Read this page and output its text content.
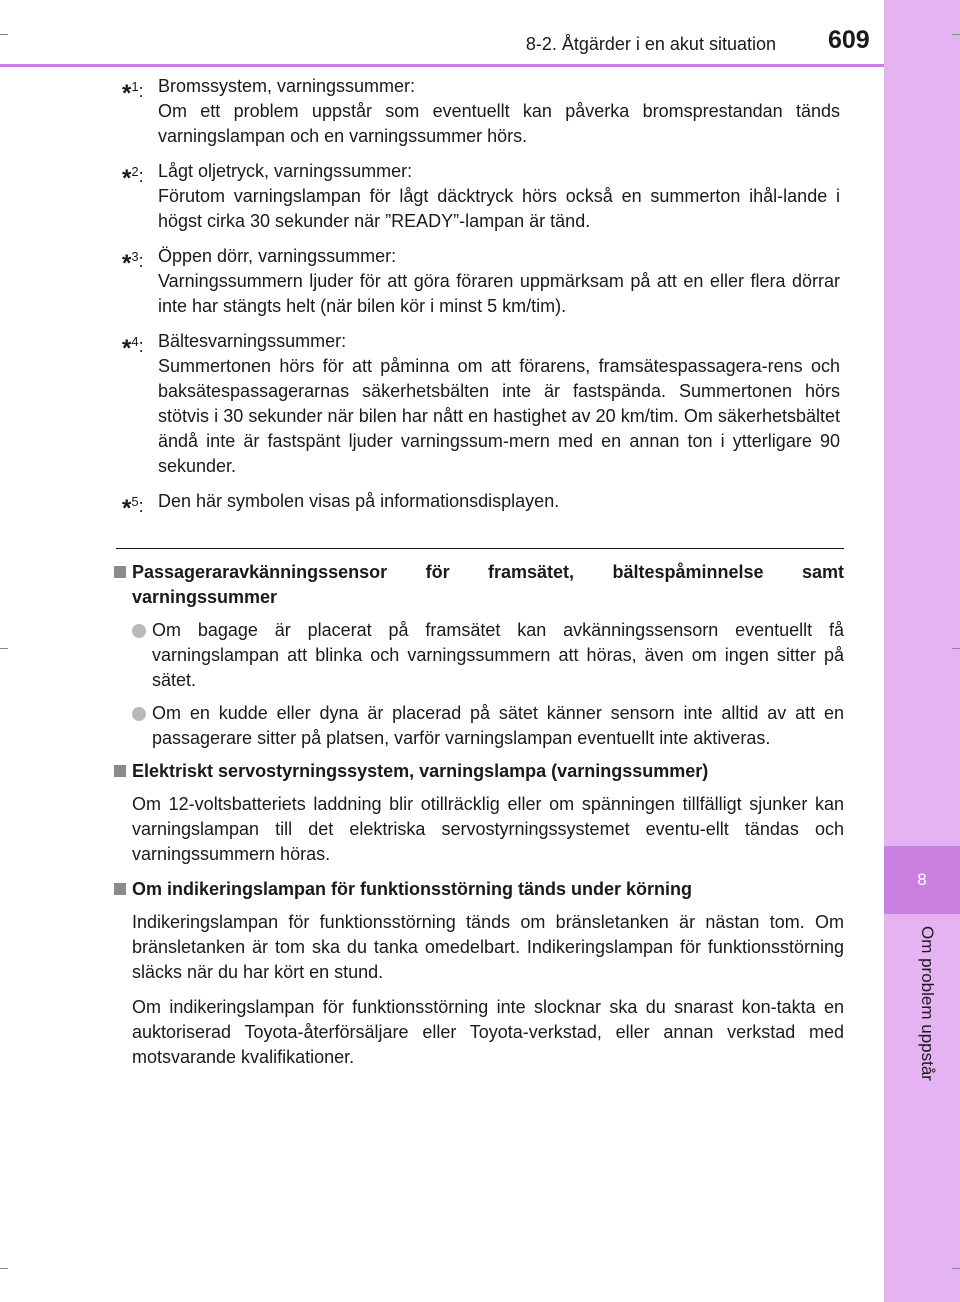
8
Om problem uppstår
8-2. Åtgärder i en akut situation 609
*$^1$: Bromssystem, varningssummer:
Om ett problem uppstår som eventuellt kan påverka bromsprestandan tänds varningslampan och en varningssummer hörs.
*$^2$: Lågt oljetryck, varningssummer:
Förutom varningslampan för lågt däcktryck hörs också en summerton ihål-lande i högst cirka 30 sekunder när ”READY”-lampan är tänd.
*$^3$: Öppen dörr, varningssummer:
Varningssummern ljuder för att göra föraren uppmärksam på att en eller flera dörrar inte har stängts helt (när bilen kör i minst 5 km/tim).
*$^4$: Bältesvarningssummer:
Summertonen hörs för att påminna om att förarens, framsätespassagera-rens och baksätespassagerarnas säkerhetsbälten inte är fastspända. Summertonen hörs stötvis i 30 sekunder när bilen har nått en hastighet av 20 km/tim. Om säkerhetsbältet ändå inte är fastspänt ljuder varningssum-mern med en annan ton i ytterligare 90 sekunder.
*$^5$: Den här symbolen visas på informationsdisplayen.
Passageraravkänningssensor för framsätet, bältespåminnelse samt varningssummer
Om bagage är placerat på framsätet kan avkänningssensorn eventuellt få varningslampan att blinka och varningssummern att höras, även om ingen sitter på sätet.
Om en kudde eller dyna är placerad på sätet känner sensorn inte alltid av att en passagerare sitter på platsen, varför varningslampan eventuellt inte aktiveras.
Elektriskt servostyrningssystem, varningslampa (varningssummer)
Om 12-voltsbatteriets laddning blir otillräcklig eller om spänningen tillfälligt sjunker kan varningslampan till det elektriska servostyrningssystemet eventu-ellt tändas och varningssummern höras.
Om indikeringslampan för funktionsstörning tänds under körning
Indikeringslampan för funktionsstörning tänds om bränsletanken är nästan tom. Om bränsletanken är tom ska du tanka omedelbart. Indikeringslampan för funktionsstörning släcks när du har kört en stund.
Om indikeringslampan för funktionsstörning inte slocknar ska du snarast kon-takta en auktoriserad Toyota-återförsäljare eller Toyota-verkstad, eller annan verkstad med motsvarande kvalifikationer.
